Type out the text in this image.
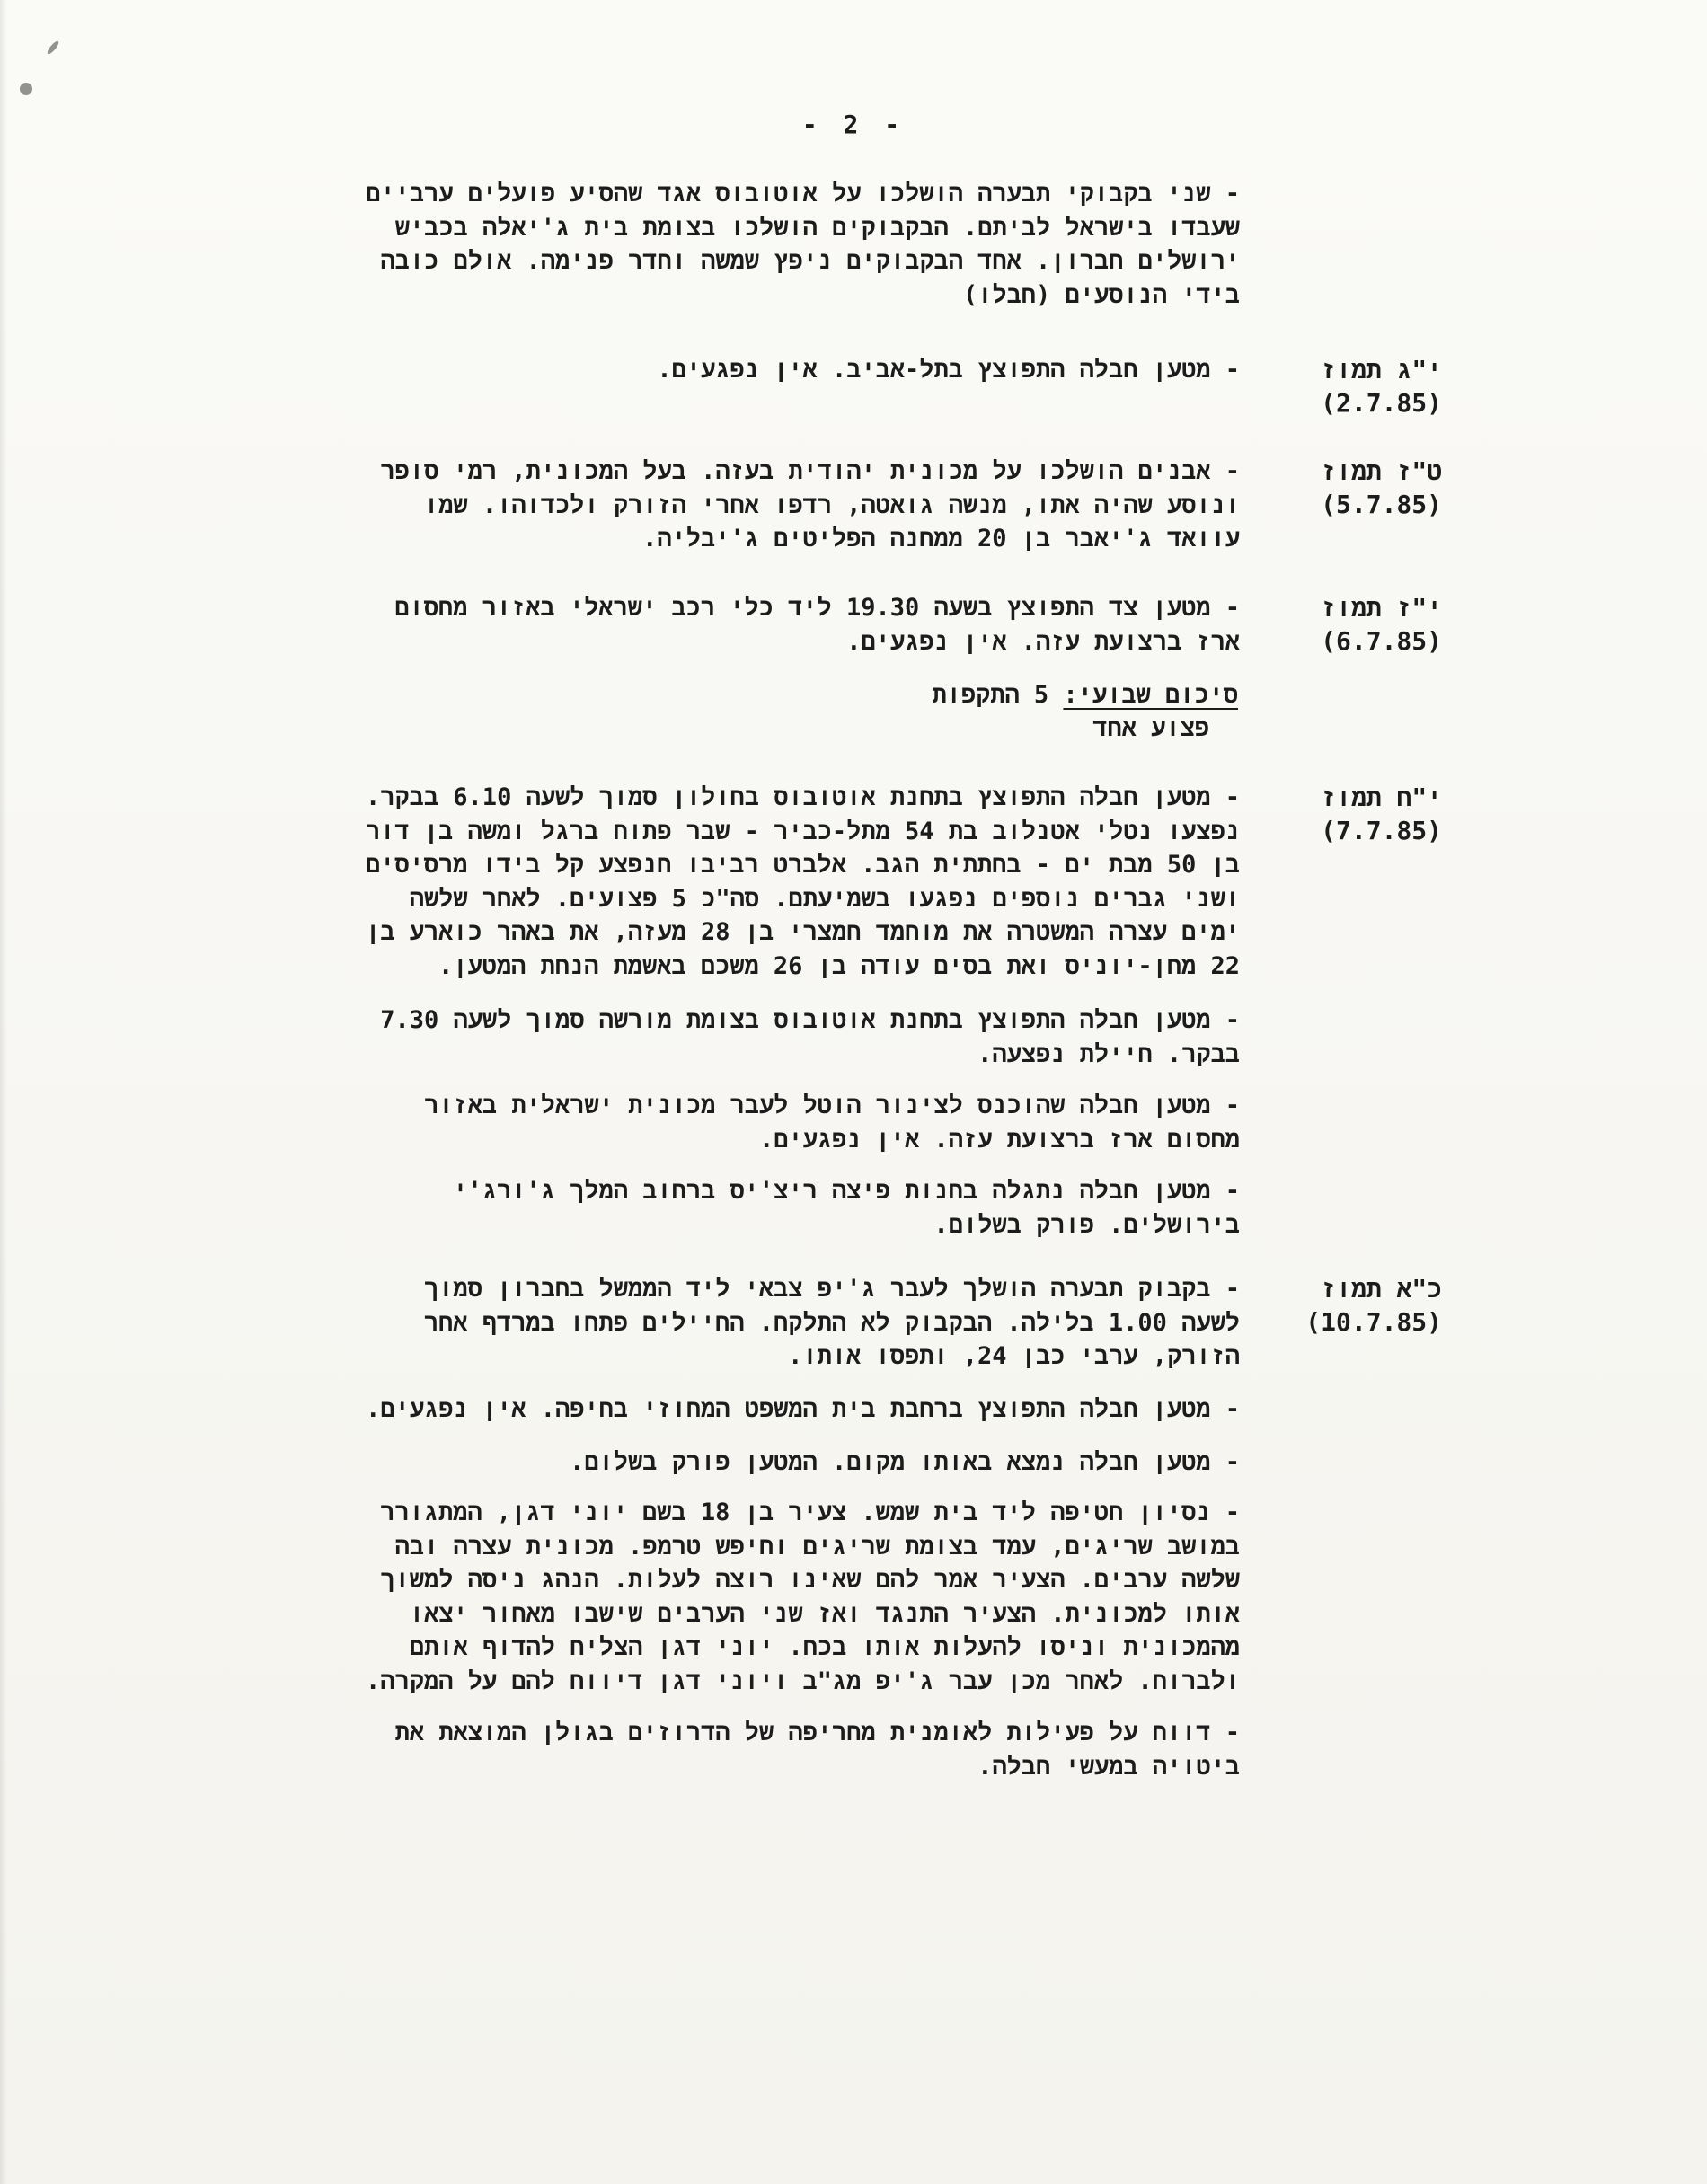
- 2 -
- שני בקבוקי תבערה הושלכו על אוטובוס אגד שהסיע פועלים ערביים
שעבדו בישראל לביתם. הבקבוקים הושלכו בצומת בית ג'יאלה בכביש
ירושלים חברון. אחד הבקבוקים ניפץ שמשה וחדר פנימה. אולם כובה
בידי הנוסעים (חבלו)
י"ג תמוז
(2.7.85)
- מטען חבלה התפוצץ בתל-אביב. אין נפגעים.
ט"ז תמוז
(5.7.85)
- אבנים הושלכו על מכונית יהודית בעזה. בעל המכונית, רמי סופר
ונוסע שהיה אתו, מנשה גואטה, רדפו אחרי הזורק ולכדוהו. שמו
עוואד ג'יאבר בן 20 ממחנה הפליטים ג'יבליה.
י"ז תמוז
(6.7.85)
- מטען צד התפוצץ בשעה 19.30 ליד כלי רכב ישראלי באזור מחסום
ארז ברצועת עזה. אין נפגעים.
סיכום שבועי: 5 התקפות
פצוע אחד
י"ח תמוז
(7.7.85)
- מטען חבלה התפוצץ בתחנת אוטובוס בחולון סמוך לשעה 6.10 בבקר.
נפצעו נטלי אטנלוב בת 54 מתל-כביר - שבר פתוח ברגל ומשה בן דור
בן 50 מבת ים - בחתתית הגב. אלברט רביבו חנפצע קל בידו מרסיסים
ושני גברים נוספים נפגעו בשמיעתם. סה"כ 5 פצועים. לאחר שלשה
ימים עצרה המשטרה את מוחמד חמצרי בן 28 מעזה, את באהר כוארע בן
22 מחן-יוניס ואת בסים עודה בן 26 משכם באשמת הנחת המטען.
- מטען חבלה התפוצץ בתחנת אוטובוס בצומת מורשה סמוך לשעה 7.30
בבקר. חיילת נפצעה.
- מטען חבלה שהוכנס לצינור הוטל לעבר מכונית ישראלית באזור
מחסום ארז ברצועת עזה. אין נפגעים.
- מטען חבלה נתגלה בחנות פיצה ריצ'יס ברחוב המלך ג'ורג'י
בירושלים. פורק בשלום.
כ"א תמוז
(10.7.85)
- בקבוק תבערה הושלך לעבר ג'יפ צבאי ליד הממשל בחברון סמוך
לשעה 1.00 בלילה. הבקבוק לא התלקח. החיילים פתחו במרדף אחר
הזורק, ערבי כבן 24, ותפסו אותו.
- מטען חבלה התפוצץ ברחבת בית המשפט המחוזי בחיפה. אין נפגעים.
- מטען חבלה נמצא באותו מקום. המטען פורק בשלום.
- נסיון חטיפה ליד בית שמש. צעיר בן 18 בשם יוני דגן, המתגורר
במושב שריגים, עמד בצומת שריגים וחיפש טרמפ. מכונית עצרה ובה
שלשה ערבים. הצעיר אמר להם שאינו רוצה לעלות. הנהג ניסה למשוך
אותו למכונית. הצעיר התנגד ואז שני הערבים שישבו מאחור יצאו
מהמכונית וניסו להעלות אותו בכח. יוני דגן הצליח להדוף אותם
ולברוח. לאחר מכן עבר ג'יפ מג"ב ויוני דגן דיווח להם על המקרה.
- דווח על פעילות לאומנית מחריפה של הדרוזים בגולן המוצאת את
ביטויה במעשי חבלה.
